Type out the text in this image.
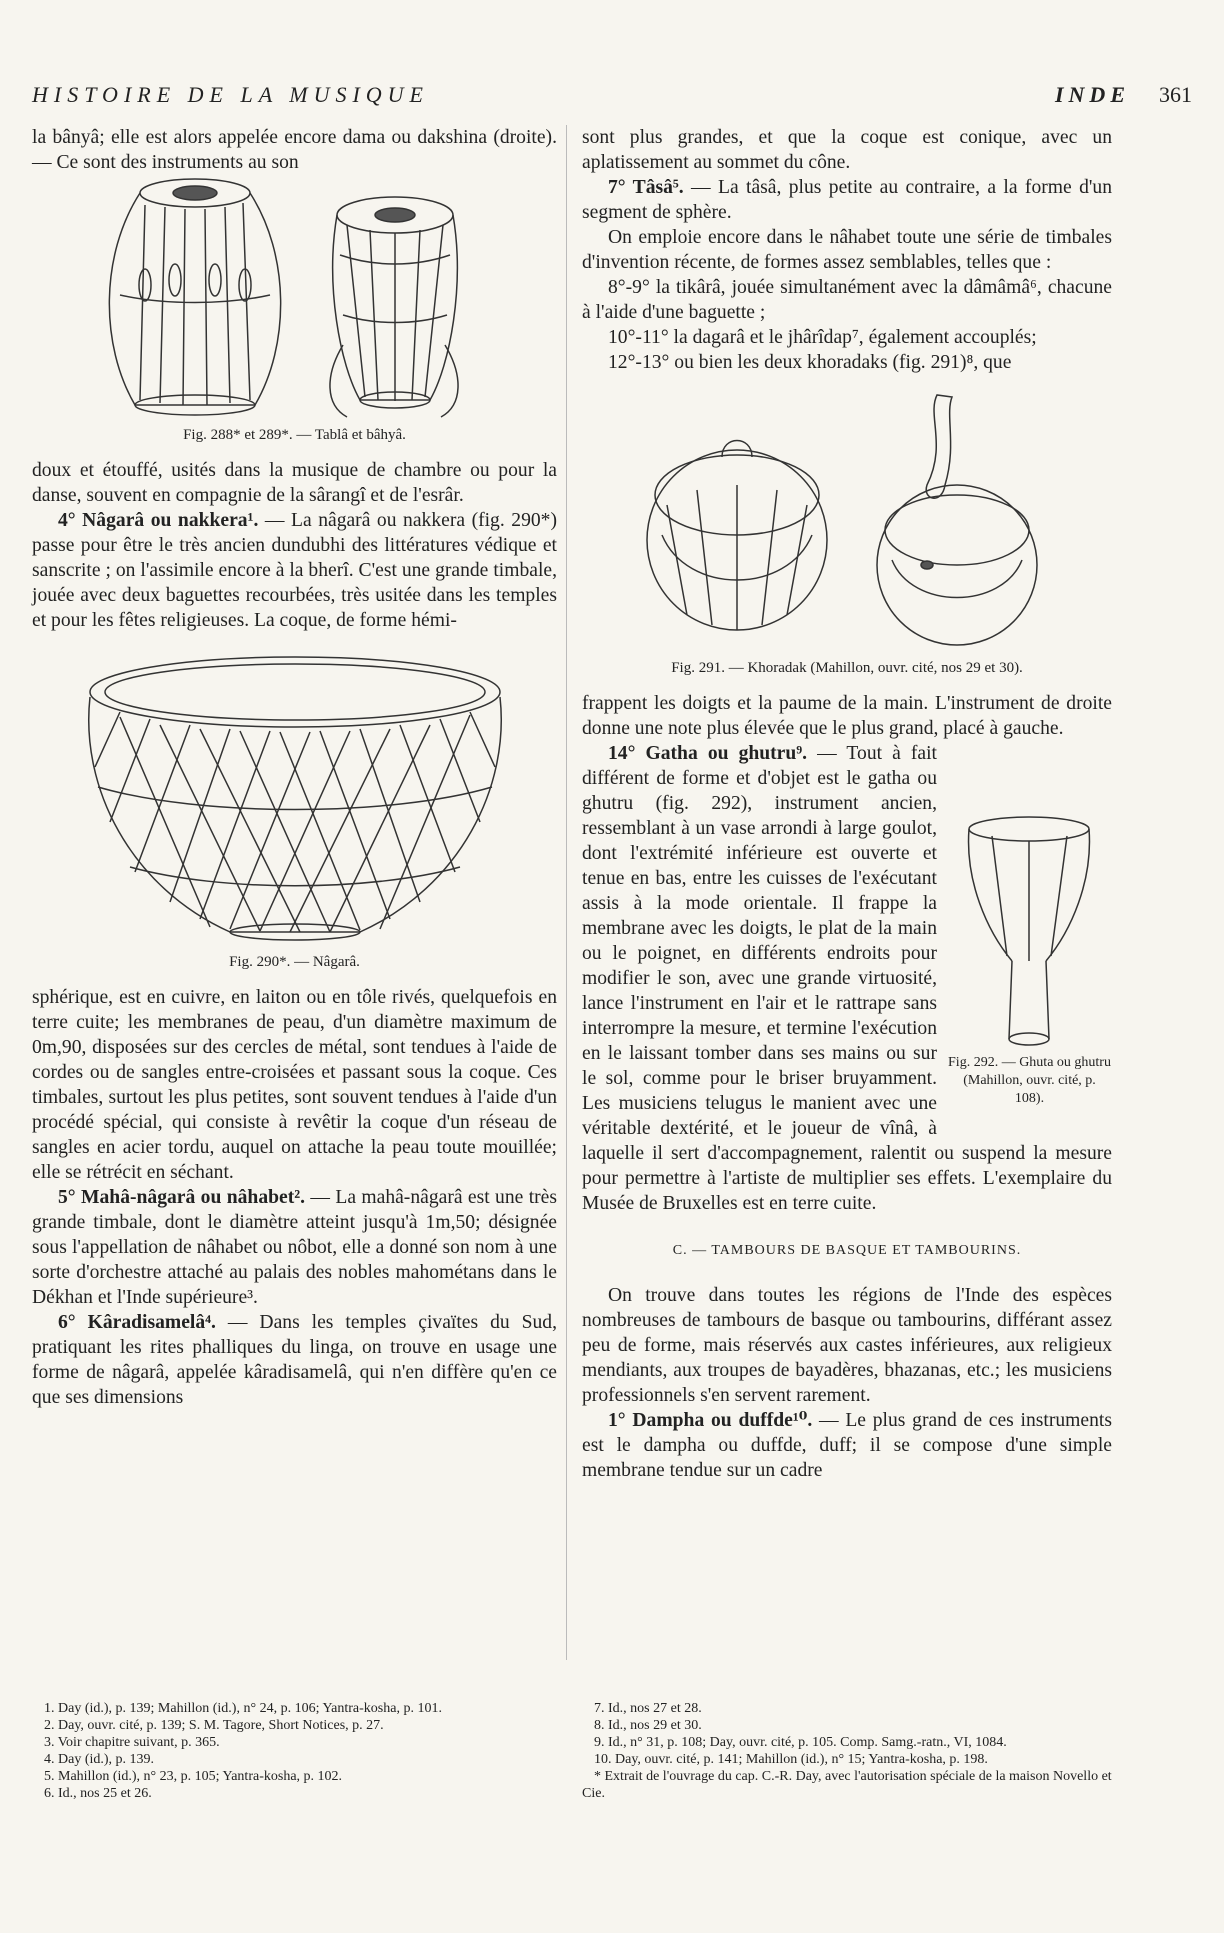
HISTOIRE DE LA MUSIQUE	INDE 361

la bânyâ; elle est alors appelée encore dama ou dakshina (droite). — Ce sont des instruments au son

Fig. 288* et 289*. — Tablâ et bâhyâ.

doux et étouffé, usités dans la musique de chambre ou pour la danse, souvent en compagnie de la sârangî et de l'esrâr.

4° Nâgarâ ou nakkera¹. — La nâgarâ ou nakkera (fig. 290*) passe pour être le très ancien dundubhi des littératures védique et sanscrite ; on l'assimile encore à la bherî. C'est une grande timbale, jouée avec deux baguettes recourbées, très usitée dans les temples et pour les fêtes religieuses. La coque, de forme hémi-

Fig. 290*. — Nâgarâ.

sphérique, est en cuivre, en laiton ou en tôle rivés, quelquefois en terre cuite; les membranes de peau, d'un diamètre maximum de 0m,90, disposées sur des cercles de métal, sont tendues à l'aide de cordes ou de sangles entre-croisées et passant sous la coque. Ces timbales, surtout les plus petites, sont souvent tendues à l'aide d'un procédé spécial, qui consiste à revêtir la coque d'un réseau de sangles en acier tordu, auquel on attache la peau toute mouillée; elle se rétrécit en séchant.

5° Mahâ-nâgarâ ou nâhabet². — La mahâ-nâgarâ est une très grande timbale, dont le diamètre atteint jusqu'à 1m,50; désignée sous l'appellation de nâhabet ou nôbot, elle a donné son nom à une sorte d'orchestre attaché au palais des nobles mahométans dans le Dékhan et l'Inde supérieure³.

6° Kâradisamelâ⁴. — Dans les temples çivaïtes du Sud, pratiquant les rites phalliques du linga, on trouve en usage une forme de nâgarâ, appelée kâradisamelâ, qui n'en diffère qu'en ce que ses dimensions

sont plus grandes, et que la coque est conique, avec un aplatissement au sommet du cône.

7° Tâsâ⁵. — La tâsâ, plus petite au contraire, a la forme d'un segment de sphère.

On emploie encore dans le nâhabet toute une série de timbales d'invention récente, de formes assez semblables, telles que :

8°-9° la tikârâ, jouée simultanément avec la dâmâmâ⁶, chacune à l'aide d'une baguette ;

10°-11° la dagarâ et le jhârîdap⁷, également accouplés;

12°-13° ou bien les deux khoradaks (fig. 291)⁸, que

Fig. 291. — Khoradak (Mahillon, ouvr. cité, nos 29 et 30).

frappent les doigts et la paume de la main. L'instrument de droite donne une note plus élevée que le plus grand, placé à gauche.

Fig. 292. — Ghuta ou ghutru (Mahillon, ouvr. cité, p. 108).

14° Gatha ou ghutru⁹. — Tout à fait différent de forme et d'objet est le gatha ou ghutru (fig. 292), instrument ancien, ressemblant à un vase arrondi à large goulot, dont l'extrémité inférieure est ouverte et tenue en bas, entre les cuisses de l'exécutant assis à la mode orientale. Il frappe la membrane avec les doigts, le plat de la main ou le poignet, en différents endroits pour modifier le son, avec une grande virtuosité, lance l'instrument en l'air et le rattrape sans interrompre la mesure, et termine l'exécution en le laissant tomber dans ses mains ou sur le sol, comme pour le briser bruyamment. Les musiciens telugus le manient avec une véritable dextérité, et le joueur de vînâ, à laquelle il sert d'accompagnement, ralentit ou suspend la mesure pour permettre à l'artiste de multiplier ses effets. L'exemplaire du Musée de Bruxelles est en terre cuite.

C. — TAMBOURS DE BASQUE ET TAMBOURINS.

On trouve dans toutes les régions de l'Inde des espèces nombreuses de tambours de basque ou tambourins, différant assez peu de forme, mais réservés aux castes inférieures, aux religieux mendiants, aux troupes de bayadères, bhazanas, etc.; les musiciens professionnels s'en servent rarement.

1° Dampha ou duffde¹⁰. — Le plus grand de ces instruments est le dampha ou duffde, duff; il se compose d'une simple membrane tendue sur un cadre

1. Day (id.), p. 139; Mahillon (id.), n° 24, p. 106; Yantra-kosha, p. 101.

2. Day, ouvr. cité, p. 139; S. M. Tagore, Short Notices, p. 27.

3. Voir chapitre suivant, p. 365.

4. Day (id.), p. 139.

5. Mahillon (id.), n° 23, p. 105; Yantra-kosha, p. 102.

6. Id., nos 25 et 26.

7. Id., nos 27 et 28.

8. Id., nos 29 et 30.

9. Id., n° 31, p. 108; Day, ouvr. cité, p. 105. Comp. Samg.-ratn., VI, 1084.

10. Day, ouvr. cité, p. 141; Mahillon (id.), n° 15; Yantra-kosha, p. 198.

* Extrait de l'ouvrage du cap. C.-R. Day, avec l'autorisation spéciale de la maison Novello et Cie.
